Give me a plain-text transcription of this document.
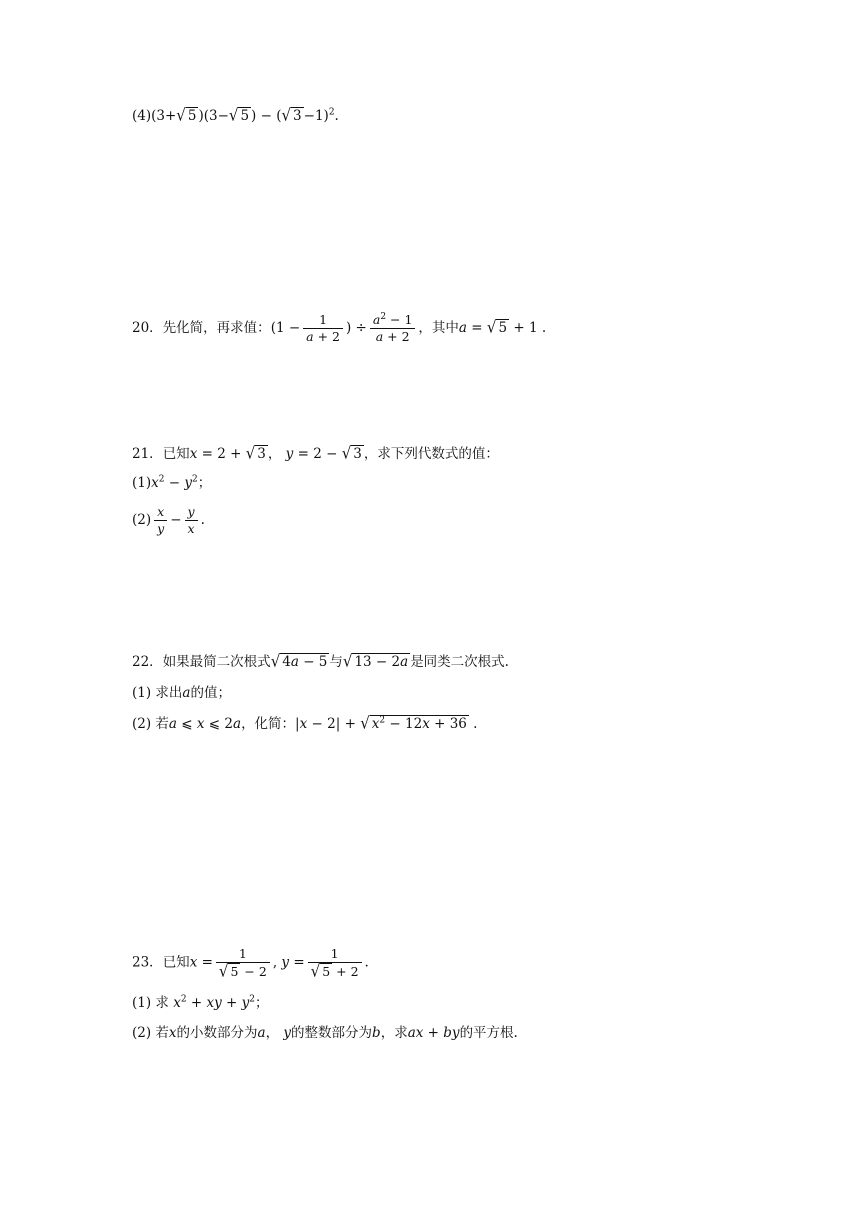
(4)(3+√ 5 )(3−√ 5 ) − (√ 3 −1)$^2$.
20．先化简，再求值：($1 - \frac{1}{a + 2}$ ) ÷ $\frac{a^2 - 1}{a + 2}$ ，其中a = √ 5 + 1 .
21．已知x = 2 + √ 3 ， y = 2 − √ 3 ，求下列代数式的值：
$(1)x^2 - y^2$；
$(2) \frac{x}{y} - \frac{y}{x}$ .
22．如果最简二次根式√ 4a − 5 与√ 13 − 2a 是同类二次根式.
(1) 求出a的值；
(2) 若a ⩽ x ⩽ 2a，化简：|x − 2| + √ $x^2 - 12x + 36$ .
23．已知$x = \frac{1}{√ 5 - 2}$ , $y = \frac{1}{√ 5 + 2}$ .
(1) 求 $x^2$ + xy + $y^2$；
(2) 若x的小数部分为a， y的整数部分为b，求ax + by的平方根.
